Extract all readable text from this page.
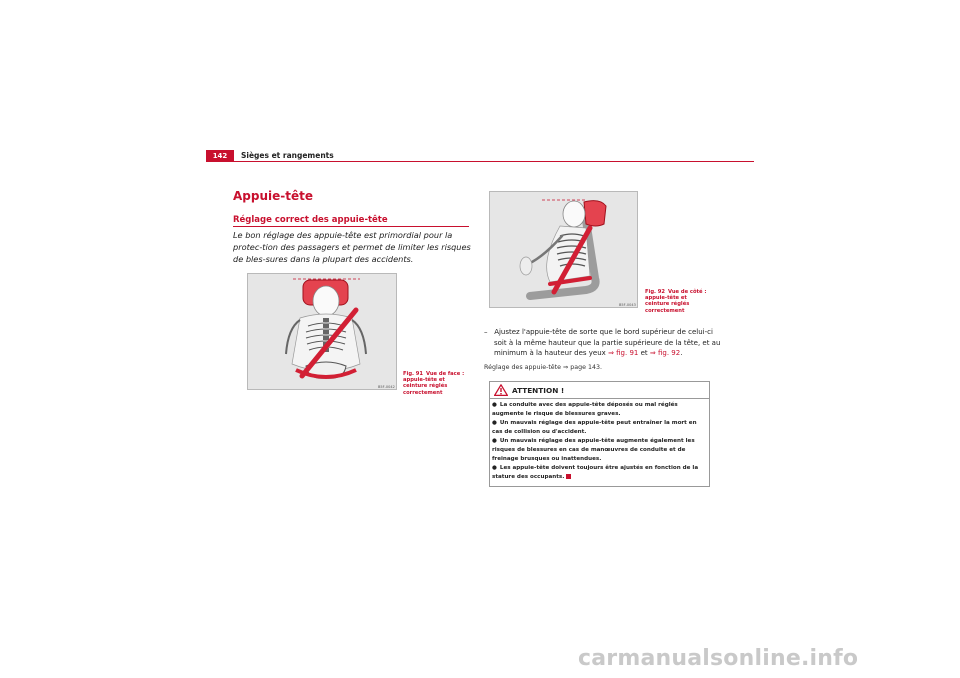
142	Sièges et rangements
Appuie-tête
Réglage correct des appuie-tête

Le bon réglage des appuie-tête est primordial pour la protec-tion des passagers et permet de limiter les risques de bles-sures dans la plupart des accidents.

B5F-0042
Fig. 91 Vue de face : appuie-tête et ceinture réglés correctement
B5F-0043
Fig. 92 Vue de côté : appuie-tête et ceinture réglés correctement

– Ajustez l'appuie-tête de sorte que le bord supérieur de celui-ci soit à la même hauteur que la partie supérieure de la tête, et au minimum à la hauteur des yeux ⇒ fig. 91 et ⇒ fig. 92.

Réglage des appuie-tête ⇒ page 143.
ATTENTION !
● La conduite avec des appuie-tête déposés ou mal réglés augmente le risque de blessures graves.
● Un mauvais réglage des appuie-tête peut entraîner la mort en cas de collision ou d'accident.
● Un mauvais réglage des appuie-tête augmente également les risques de blessures en cas de manœuvres de conduite et de freinage brusques ou inattendues.
● Les appuie-tête doivent toujours être ajustés en fonction de la stature des occupants.
carmanualsonline.info
